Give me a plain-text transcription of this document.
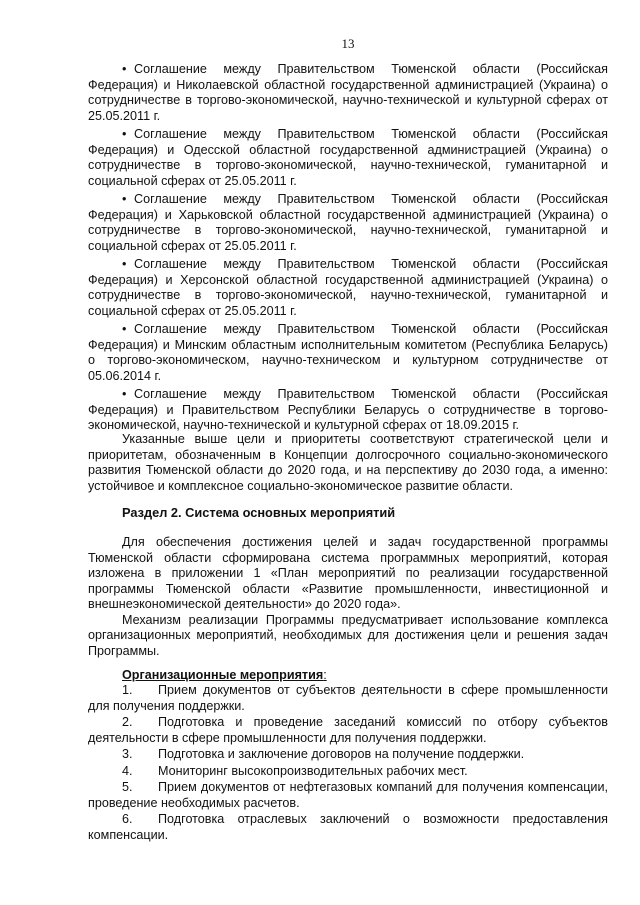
13

• Соглашение между Правительством Тюменской области (Российская Федерация) и Николаевской областной государственной администрацией (Украина) о сотрудничестве в торгово-экономической, научно-технической и культурной сферах от 25.05.2011 г.

• Соглашение между Правительством Тюменской области (Российская Федерация) и Одесской областной государственной администрацией (Украина) о сотрудничестве в торгово-экономической, научно-технической, гуманитарной и социальной сферах от 25.05.2011 г.

• Соглашение между Правительством Тюменской области (Российская Федерация) и Харьковской областной государственной администрацией (Украина) о сотрудничестве в торгово-экономической, научно-технической, гуманитарной и социальной сферах от 25.05.2011 г.

• Соглашение между Правительством Тюменской области (Российская Федерация) и Херсонской областной государственной администрацией (Украина) о сотрудничестве в торгово-экономической, научно-технической, гуманитарной и социальной сферах от 25.05.2011 г.

• Соглашение между Правительством Тюменской области (Российская Федерация) и Минским областным исполнительным комитетом (Республика Беларусь) о торгово-экономическом, научно-техническом и культурном сотрудничестве от 05.06.2014 г.

• Соглашение между Правительством Тюменской области (Российская Федерация) и Правительством Республики Беларусь о сотрудничестве в торгово-экономической, научно-технической и культурной сферах от 18.09.2015 г.

Указанные выше цели и приоритеты соответствуют стратегической цели и приоритетам, обозначенным в Концепции долгосрочного социально-экономического развития Тюменской области до 2020 года, и на перспективу до 2030 года, а именно: устойчивое и комплексное социально-экономическое развитие области.

Раздел 2. Система основных мероприятий

Для обеспечения достижения целей и задач государственной программы Тюменской области сформирована система программных мероприятий, которая изложена в приложении 1 «План мероприятий по реализации государственной программы Тюменской области «Развитие промышленности, инвестиционной и внешнеэкономической деятельности» до 2020 года».

Механизм реализации Программы предусматривает использование комплекса организационных мероприятий, необходимых для достижения цели и решения задач Программы.

Организационные мероприятия:

1. Прием документов от субъектов деятельности в сфере промышленности для получения поддержки.

2. Подготовка и проведение заседаний комиссий по отбору субъектов деятельности в сфере промышленности для получения поддержки.

3. Подготовка и заключение договоров на получение поддержки.

4. Мониторинг высокопроизводительных рабочих мест.

5. Прием документов от нефтегазовых компаний для получения компенсации, проведение необходимых расчетов.

6. Подготовка отраслевых заключений о возможности предоставления компенсации.
